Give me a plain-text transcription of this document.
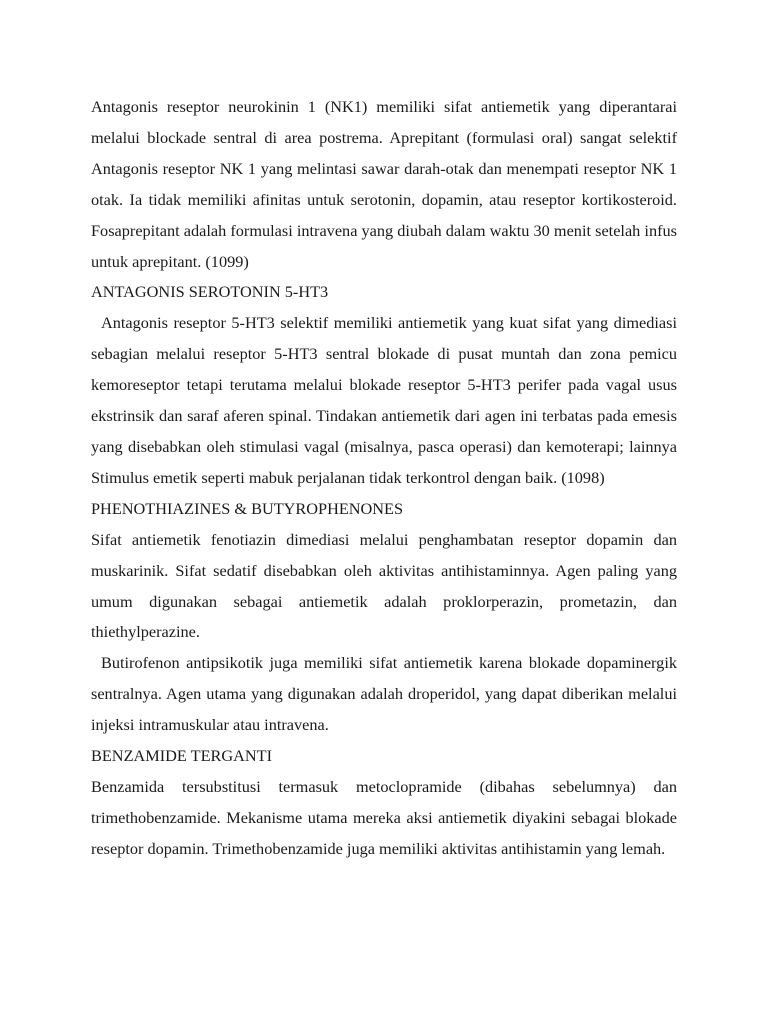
Antagonis reseptor neurokinin 1 (NK1) memiliki sifat antiemetik yang diperantarai melalui blockade sentral di area postrema. Aprepitant (formulasi oral) sangat selektif Antagonis reseptor NK 1 yang melintasi sawar darah-otak dan menempati reseptor NK 1 otak. Ia tidak memiliki afinitas untuk serotonin, dopamin, atau reseptor kortikosteroid. Fosaprepitant adalah formulasi intravena yang diubah dalam waktu 30 menit setelah infus untuk aprepitant. (1099)

ANTAGONIS SEROTONIN 5-HT3

Antagonis reseptor 5-HT3 selektif memiliki antiemetik yang kuat sifat yang dimediasi sebagian melalui reseptor 5-HT3 sentral blokade di pusat muntah dan zona pemicu kemoreseptor tetapi terutama melalui blokade reseptor 5-HT3 perifer pada vagal usus ekstrinsik dan saraf aferen spinal. Tindakan antiemetik dari agen ini terbatas pada emesis yang disebabkan oleh stimulasi vagal (misalnya, pasca operasi) dan kemoterapi; lainnya Stimulus emetik seperti mabuk perjalanan tidak terkontrol dengan baik. (1098)

PHENOTHIAZINES & BUTYROPHENONES

Sifat antiemetik fenotiazin dimediasi melalui penghambatan reseptor dopamin dan muskarinik. Sifat sedatif disebabkan oleh aktivitas antihistaminnya. Agen paling yang umum digunakan sebagai antiemetik adalah proklorperazin, prometazin, dan thiethylperazine.

Butirofenon antipsikotik juga memiliki sifat antiemetik karena blokade dopaminergik sentralnya. Agen utama yang digunakan adalah droperidol, yang dapat diberikan melalui injeksi intramuskular atau intravena.

BENZAMIDE TERGANTI

Benzamida tersubstitusi termasuk metoclopramide (dibahas sebelumnya) dan trimethobenzamide. Mekanisme utama mereka aksi antiemetik diyakini sebagai blokade reseptor dopamin. Trimethobenzamide juga memiliki aktivitas antihistamin yang lemah.
